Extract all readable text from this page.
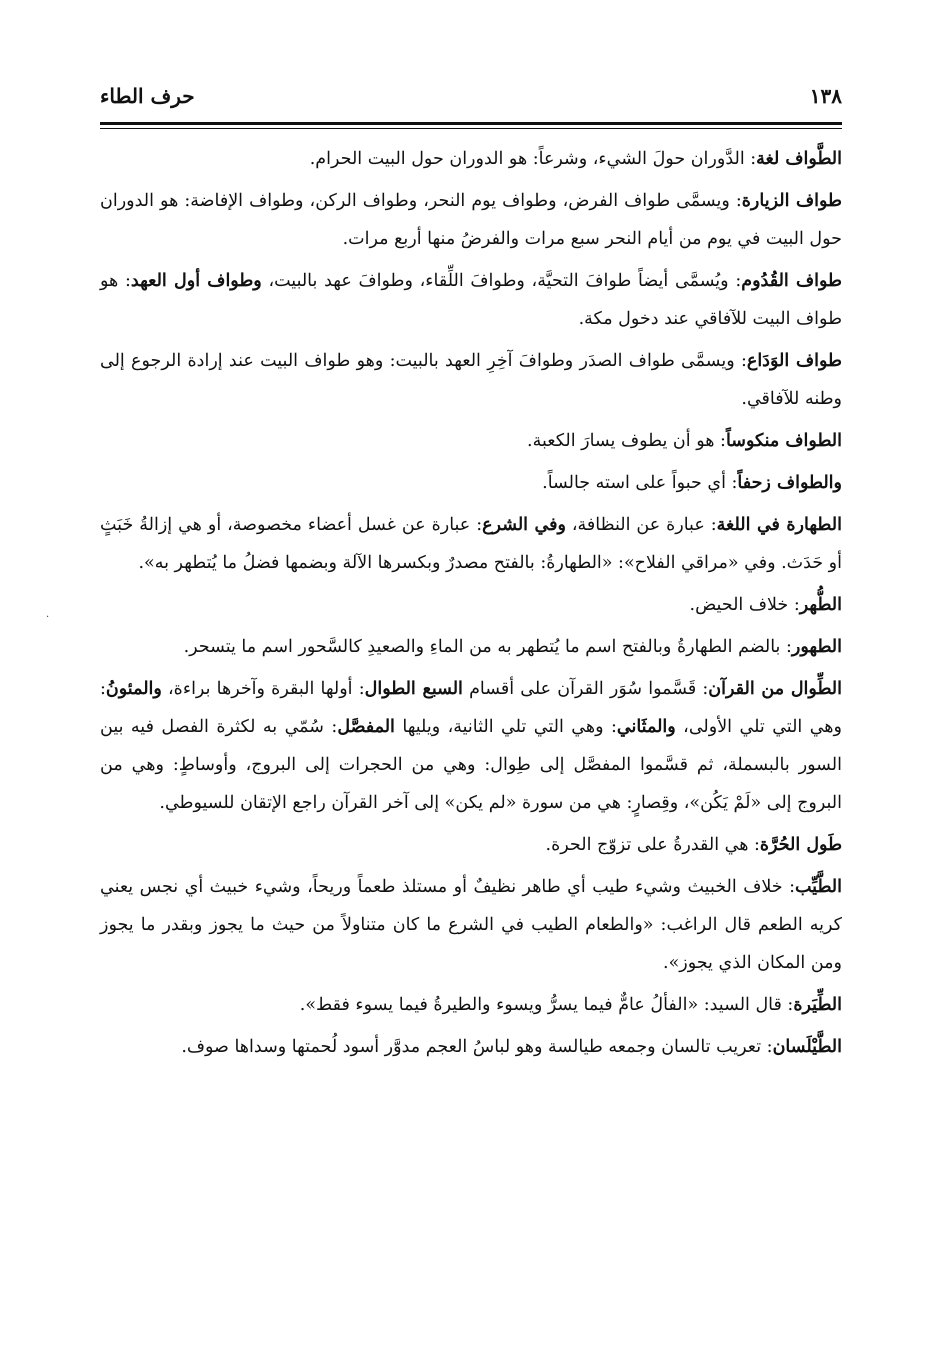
١٣٨
حرف الطاء

الطَّواف لغة: الدَّوران حولَ الشيء، وشرعاً: هو الدوران حول البيت الحرام.

طواف الزيارة: ويسمَّى طواف الفرض، وطواف يوم النحر، وطواف الركن، وطواف الإفاضة: هو الدوران حول البيت في يوم من أيام النحر سبع مرات والفرضُ منها أربع مرات.

طواف القُدُوم: ويُسمَّى أيضاً طوافَ التحيَّة، وطوافَ اللِّقاء، وطوافَ عهد بالبيت، وطواف أول العهد: هو طواف البيت للآفاقي عند دخول مكة.

طواف الوَدَاع: ويسمَّى طواف الصدَر وطوافَ آخِرِ العهد بالبيت: وهو طواف البيت عند إرادة الرجوع إلى وطنه للآفاقي.

الطواف منكوساً: هو أن يطوف يسارَ الكعبة.

والطواف زحفاً: أي حبواً على استه جالساً.

الطهارة في اللغة: عبارة عن النظافة، وفي الشرع: عبارة عن غسل أعضاء مخصوصة، أو هي إزالةُ خَبَثٍ أو حَدَث. وفي «مراقي الفلاح»: «الطهارةُ: بالفتح مصدرٌ وبكسرها الآلة وبضمها فضلُ ما يُتطهر به».

الطُّهر: خلاف الحيض.

الطهور: بالضم الطهارةُ وبالفتح اسم ما يُتطهر به من الماءِ والصعيدِ كالسَّحور اسم ما يتسحر.

الطِّوال من القرآن: قَسَّموا سُوَر القرآن على أقسام السبع الطوال: أولها البقرة وآخرها براءة، والمئونُ: وهي التي تلي الأولى، والمثَاني: وهي التي تلي الثانية، ويليها المفصَّل: سُمّي به لكثرة الفصل فيه بين السور بالبسملة، ثم قسَّموا المفصَّل إلى طِوال: وهي من الحجرات إلى البروج، وأوساطٍ: وهي من البروج إلى «لَمْ يَكُن»، وقِصارٍ: هي من سورة «لم يكن» إلى آخر القرآن راجع الإتقان للسيوطي.

طَول الحُرَّة: هي القدرةُ على تزوّج الحرة.

الطَّيِّب: خلاف الخبيث وشيء طيب أي طاهر نظيفٌ أو مستلذ طعماً وريحاً، وشيء خبيث أي نجس يعني كريه الطعم قال الراغب: «والطعام الطيب في الشرع ما كان متناولاً من حيث ما يجوز وبقدر ما يجوز ومن المكان الذي يجوز».

الطِّيَرة: قال السيد: «الفألُ عامٌّ فيما يسرُّ ويسوء والطيرةُ فيما يسوء فقط».

الطَّيْلَسان: تعريب تالسان وجمعه طيالسة وهو لباسُ العجم مدوَّر أسود لُحمتها وسداها صوف.

·
